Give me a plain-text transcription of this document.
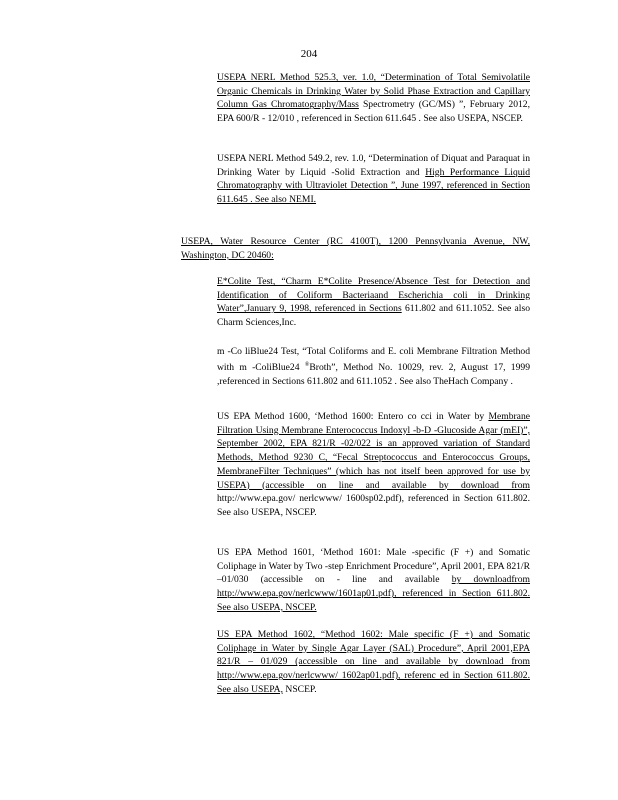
204

USEPA NERL Method 525.3, ver. 1.0, “Determination of Total Semivolatile Organic Chemicals in Drinking Water by Solid Phase Extraction and Capillary Column Gas Chromatography/Mass Spectrometry (GC/MS) ”, February 2012, EPA 600/R - 12/010 , referenced in Section 611.645 . See also USEPA, NSCEP.

USEPA NERL Method 549.2, rev. 1.0, “Determination of Diquat and Paraquat in Drinking Water by Liquid -Solid Extraction and High Performance Liquid Chromatography with Ultraviolet Detection ”, June 1997, referenced in Section 611.645 . See also NEMI.

USEPA, Water Resource Center (RC 4100T), 1200 Pennsylvania Avenue, NW, Washington, DC 20460:

E*Colite Test, “Charm E*Colite Presence/Absence Test for Detection and Identification of Coliform Bacteriaand Escherichia coli in Drinking Water”,January 9, 1998, referenced in Sections 611.802 and 611.1052. See also Charm Sciences,Inc.

m -Co liBlue24 Test, “Total Coliforms and E. coli Membrane Filtration Method with m -ColiBlue24 ®Broth”, Method No. 10029, rev. 2, August 17, 1999 ,referenced in Sections 611.802 and 611.1052 . See also TheHach Company .

US EPA Method 1600, ‘Method 1600: Entero co cci in Water by Membrane Filtration Using Membrane Enterococcus Indoxyl -b-D -Glucoside Agar (mEI)”, September 2002, EPA 821/R -02/022 is an approved variation of Standard Methods, Method 9230 C, “Fecal Streptococcus and Enterococcus Groups, MembraneFilter Techniques” (which has not itself been approved for use by USEPA) (accessible on line and available by download from http://www.epa.gov/ nerlcwww/ 1600sp02.pdf), referenced in Section 611.802. See also USEPA, NSCEP.

US EPA Method 1601, ‘Method 1601: Male -specific (F +) and Somatic Coliphage in Water by Two -step Enrichment Procedure”, April 2001, EPA 821/R –01/030 (accessible on - line and available by downloadfrom http://www.epa.gov/nerlcwww/1601ap01.pdf), referenced in Section 611.802. See also USEPA, NSCEP.

US EPA Method 1602, “Method 1602: Male specific (F +) and Somatic Coliphage in Water by Single Agar Layer (SAL) Procedure”, April 2001,EPA 821/R – 01/029 (accessible on line and available by download from http://www.epa.gov/nerlcwww/ 1602ap01.pdf), referenc ed in Section 611.802. See also USEPA, NSCEP.
